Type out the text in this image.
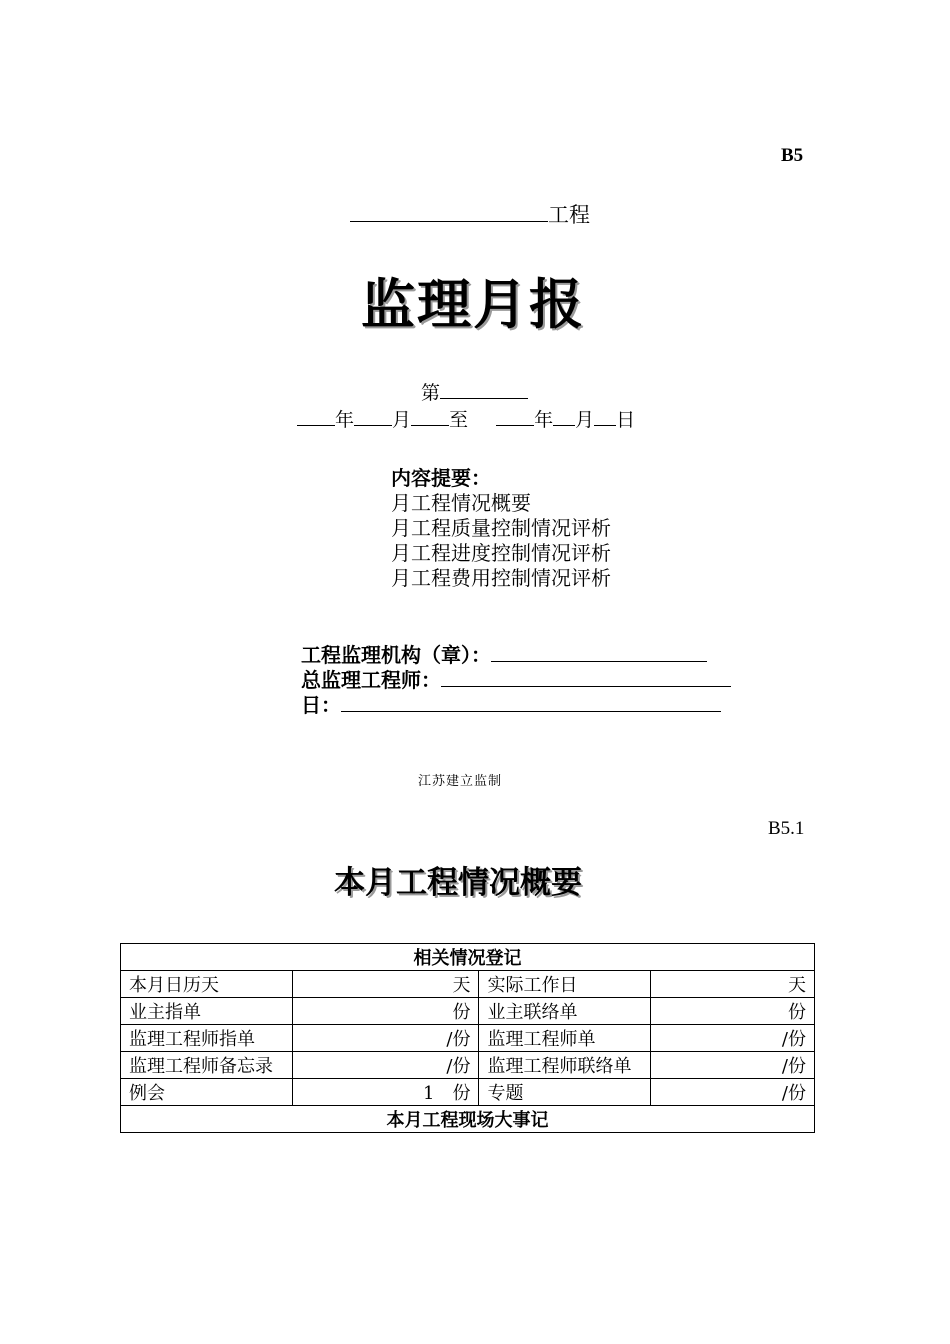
B5
工程
监理月报
第
年 月 至	年 月 日
内容提要：
月工程情况概要
月工程质量控制情况评析
月工程进度控制情况评析
月工程费用控制情况评析
工程监理机构（章）：
总监理工程师：
日：
江苏建立监制
B5.1
本月工程情况概要
相关情况登记			
本月日历天	天	实际工作日	天
业主指单	份	业主联络单	份
监理工程师指单	/份	监理工程师单	/份
监理工程师备忘录	/份	监理工程师联络单	/份
例会	1　份	专题	/份
本月工程现场大事记			
